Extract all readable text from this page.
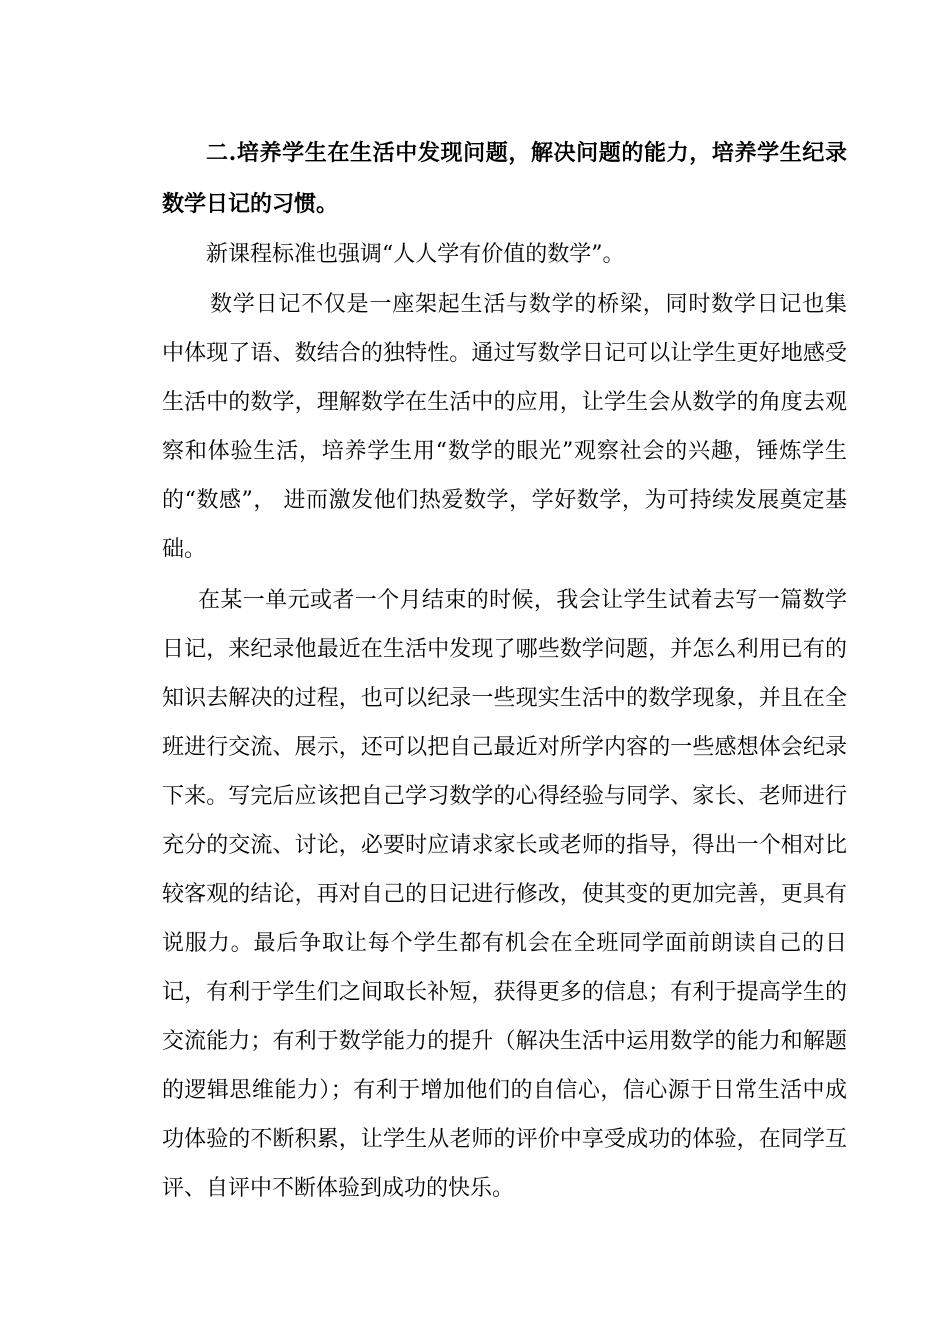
二.培养学生在生活中发现问题，解决问题的能力，培养学生纪录数学日记的习惯。

新课程标准也强调“人人学有价值的数学”。

数学日记不仅是一座架起生活与数学的桥梁，同时数学日记也集中体现了语、数结合的独特性。通过写数学日记可以让学生更好地感受生活中的数学，理解数学在生活中的应用，让学生会从数学的角度去观察和体验生活，培养学生用“数学的眼光”观察社会的兴趣，锤炼学生的“数感”， 进而激发他们热爱数学，学好数学，为可持续发展奠定基础。

在某一单元或者一个月结束的时候，我会让学生试着去写一篇数学日记，来纪录他最近在生活中发现了哪些数学问题，并怎么利用已有的知识去解决的过程，也可以纪录一些现实生活中的数学现象，并且在全班进行交流、展示，还可以把自己最近对所学内容的一些感想体会纪录下来。写完后应该把自己学习数学的心得经验与同学、家长、老师进行充分的交流、讨论，必要时应请求家长或老师的指导，得出一个相对比较客观的结论，再对自己的日记进行修改，使其变的更加完善，更具有说服力。最后争取让每个学生都有机会在全班同学面前朗读自己的日记，有利于学生们之间取长补短，获得更多的信息；有利于提高学生的交流能力；有利于数学能力的提升（解决生活中运用数学的能力和解题的逻辑思维能力）；有利于增加他们的自信心，信心源于日常生活中成功体验的不断积累，让学生从老师的评价中享受成功的体验，在同学互评、自评中不断体验到成功的快乐。
